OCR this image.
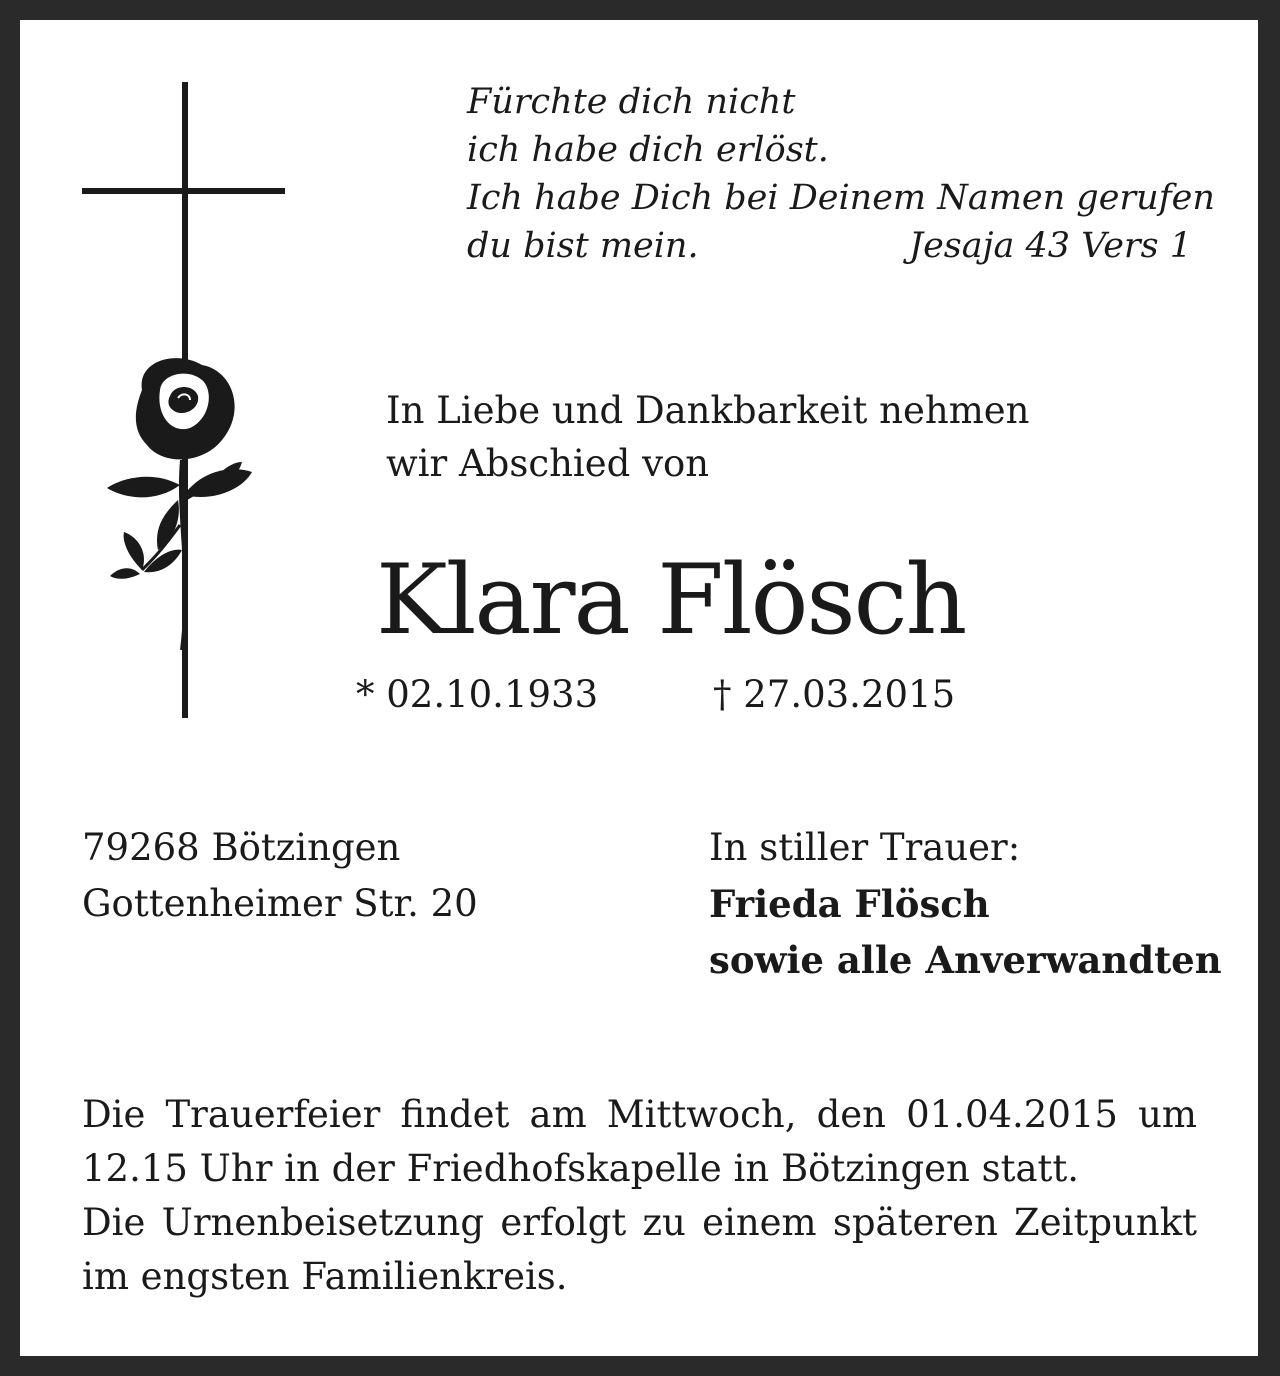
Fürchte dich nicht
ich habe dich erlöst.
Ich habe Dich bei Deinem Namen gerufen
du bist mein.	Jesaja 43 Vers 1
In Liebe und Dankbarkeit nehmen
wir Abschied von
Klara Flösch
* 02.10.1933	† 27.03.2015
79268 Bötzingen
Gottenheimer Str. 20
In stiller Trauer:
Frieda Flösch
sowie alle Anverwandten

Die Trauerfeier findet am Mittwoch, den 01.04.2015 um 12.15 Uhr in der Friedhofskapelle in Bötzingen statt.

Die Urnenbeisetzung erfolgt zu einem späteren Zeitpunkt im engsten Familienkreis.
